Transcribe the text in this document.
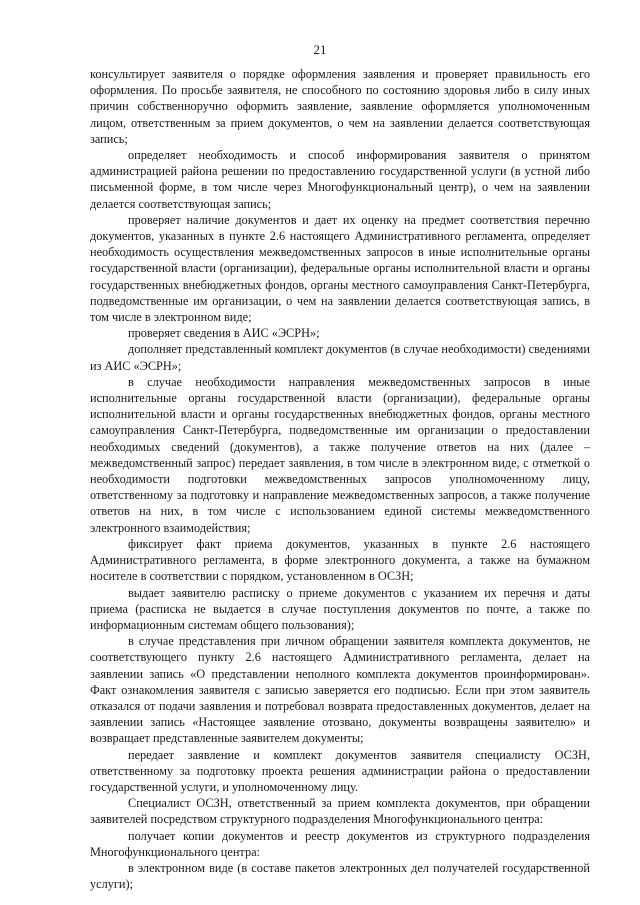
21

консультирует заявителя о порядке оформления заявления и проверяет правильность его оформления. По просьбе заявителя, не способного по состоянию здоровья либо в силу иных причин собственноручно оформить заявление, заявление оформляется уполномоченным лицом, ответственным за прием документов, о чем на заявлении делается соответствующая запись;

определяет необходимость и способ информирования заявителя о принятом администрацией района решении по предоставлению государственной услуги (в устной либо письменной форме, в том числе через Многофункциональный центр), о чем на заявлении делается соответствующая запись;

проверяет наличие документов и дает их оценку на предмет соответствия перечню документов, указанных в пункте 2.6 настоящего Административного регламента, определяет необходимость осуществления межведомственных запросов в иные исполнительные органы государственной власти (организации), федеральные органы исполнительной власти и органы государственных внебюджетных фондов, органы местного самоуправления Санкт-Петербурга, подведомственные им организации, о чем на заявлении делается соответствующая запись, в том числе в электронном виде;

проверяет сведения в АИС «ЭСРН»;

дополняет представленный комплект документов (в случае необходимости) сведениями из АИС «ЭСРН»;

в случае необходимости направления межведомственных запросов в иные исполнительные органы государственной власти (организации), федеральные органы исполнительной власти и органы государственных внебюджетных фондов, органы местного самоуправления Санкт-Петербурга, подведомственные им организации о предоставлении необходимых сведений (документов), а также получение ответов на них (далее – межведомственный запрос) передает заявления, в том числе в электронном виде, с отметкой о необходимости подготовки межведомственных запросов уполномоченному лицу, ответственному за подготовку и направление межведомственных запросов, а также получение ответов на них, в том числе с использованием единой системы межведомственного электронного взаимодействия;

фиксирует факт приема документов, указанных в пункте 2.6 настоящего Административного регламента, в форме электронного документа, а также на бумажном носителе в соответствии с порядком, установленном в ОСЗН;

выдает заявителю расписку о приеме документов с указанием их перечня и даты приема (расписка не выдается в случае поступления документов по почте, а также по информационным системам общего пользования);

в случае представления при личном обращении заявителя комплекта документов, не соответствующего пункту 2.6 настоящего Административного регламента, делает на заявлении запись «О представлении неполного комплекта документов проинформирован». Факт ознакомления заявителя с записью заверяется его подписью. Если при этом заявитель отказался от подачи заявления и потребовал возврата предоставленных документов, делает на заявлении запись «Настоящее заявление отозвано, документы возвращены заявителю» и возвращает представленные заявителем документы;

передает заявление и комплект документов заявителя специалисту ОСЗН, ответственному за подготовку проекта решения администрации района о предоставлении государственной услуги, и уполномоченному лицу.

Специалист ОСЗН, ответственный за прием комплекта документов, при обращении заявителей посредством структурного подразделения Многофункционального центра:

получает копии документов и реестр документов из структурного подразделения Многофункционального центра:

в электронном виде (в составе пакетов электронных дел получателей государственной услуги);
